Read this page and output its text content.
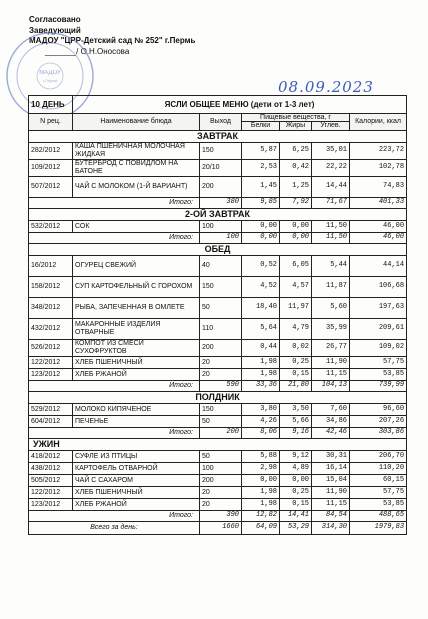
Согласовано
Заведующий
МАДОУ "ЦРР-Детский сад № 252" г.Пермь
_______/ О.Н.Оносова
МАДОУ
г.Перми	08.09.2023
10 ДЕНЬ	ЯСЛИ ОБЩЕЕ МЕНЮ (дети от 1-3 лет)					
N рец.	Наименование блюда	Выход	Пищевые вещества, г			Калории, ккал
			Белки	Жиры	Углев.	
ЗАВТРАК						
282/2012	КАША ПШЕНИЧНАЯ МОЛОЧНАЯ ЖИДКАЯ	150	5,87	6,25	35,01	223,72
109/2012	БУТЕРБРОД С ПОВИДЛОМ НА БАТОНЕ	20/10	2,53	0,42	22,22	102,78
507/2012	ЧАЙ С МОЛОКОМ (1-Й ВАРИАНТ)	200	1,45	1,25	14,44	74,83
Итого:		380	9,85	7,92	71,67	401,33
2-ОЙ ЗАВТРАК						
532/2012	СОК	100	0,00	0,00	11,50	46,00
Итого:		100	0,00	0,00	11,50	46,00
ОБЕД						
16/2012	ОГУРЕЦ СВЕЖИЙ	40	0,52	6,05	5,44	44,14
158/2012	СУП КАРТОФЕЛЬНЫЙ С ГОРОХОМ	150	4,52	4,57	11,87	106,68
348/2012	РЫБА, ЗАПЕЧЕННАЯ В ОМЛЕТЕ	50	18,40	11,97	5,60	197,63
432/2012	МАКАРОННЫЕ ИЗДЕЛИЯ ОТВАРНЫЕ	110	5,64	4,79	35,99	209,61
526/2012	КОМПОТ ИЗ СМЕСИ СУХОФРУКТОВ	200	0,44	0,02	26,77	109,02
122/2012	ХЛЕБ ПШЕНИЧНЫЙ	20	1,98	0,25	11,90	57,75
123/2012	ХЛЕБ РЖАНОЙ	20	1,98	0,15	11,15	53,85
Итого:		590	33,36	21,80	104,13	739,99
ПОЛДНИК						
529/2012	МОЛОКО КИПЯЧЕНОЕ	150	3,80	3,50	7,60	96,60
604/2012	ПЕЧЕНЬЕ	50	4,26	5,66	34,86	207,26
Итого:		200	8,06	9,16	42,46	303,86
УЖИН						
418/2012	СУФЛЕ ИЗ ПТИЦЫ	50	5,88	9,12	30,31	206,70
438/2012	КАРТОФЕЛЬ ОТВАРНОЙ	100	2,98	4,89	16,14	110,20
505/2012	ЧАЙ С САХАРОМ	200	0,00	0,00	15,04	60,15
122/2012	ХЛЕБ ПШЕНИЧНЫЙ	20	1,98	0,25	11,90	57,75
123/2012	ХЛЕБ РЖАНОЙ	20	1,98	0,15	11,15	53,85
Итого:		390	12,82	14,41	84,54	488,65
Всего за день:		1660	64,09	53,29	314,30	1979,83
